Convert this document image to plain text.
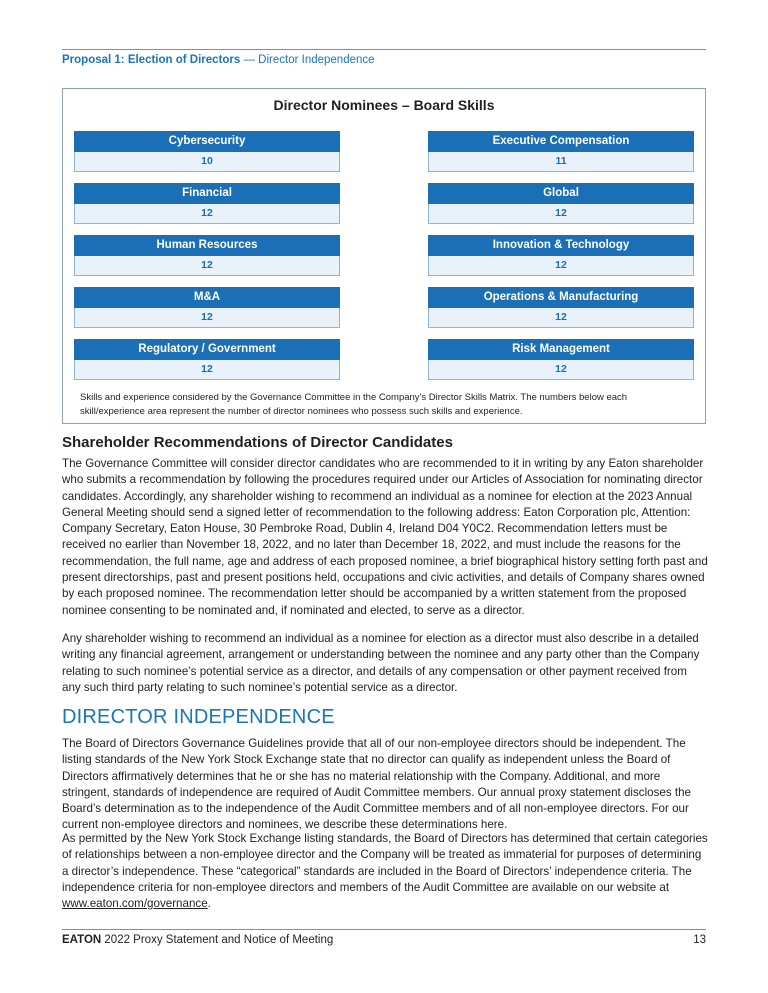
Proposal 1: Election of Directors — Director Independence
Director Nominees – Board Skills
Cybersecurity
10
Executive Compensation
11
Financial
12
Global
12
Human Resources
12
Innovation & Technology
12
M&A
12
Operations & Manufacturing
12
Regulatory / Government
12
Risk Management
12
Skills and experience considered by the Governance Committee in the Company's Director Skills Matrix. The numbers below each skill/experience area represent the number of director nominees who possess such skills and experience.
Shareholder Recommendations of Director Candidates

The Governance Committee will consider director candidates who are recommended to it in writing by any Eaton shareholder who submits a recommendation by following the procedures required under our Articles of Association for nominating director candidates. Accordingly, any shareholder wishing to recommend an individual as a nominee for election at the 2023 Annual General Meeting should send a signed letter of recommendation to the following address: Eaton Corporation plc, Attention: Company Secretary, Eaton House, 30 Pembroke Road, Dublin 4, Ireland D04 Y0C2. Recommendation letters must be received no earlier than November 18, 2022, and no later than December 18, 2022, and must include the reasons for the recommendation, the full name, age and address of each proposed nominee, a brief biographical history setting forth past and present directorships, past and present positions held, occupations and civic activities, and details of Company shares owned by each proposed nominee. The recommendation letter should be accompanied by a written statement from the proposed nominee consenting to be nominated and, if nominated and elected, to serve as a director.

Any shareholder wishing to recommend an individual as a nominee for election as a director must also describe in a detailed writing any financial agreement, arrangement or understanding between the nominee and any party other than the Company relating to such nominee’s potential service as a director, and details of any compensation or other payment received from any such third party relating to such nominee’s potential service as a director.

DIRECTOR INDEPENDENCE

The Board of Directors Governance Guidelines provide that all of our non-employee directors should be independent. The listing standards of the New York Stock Exchange state that no director can qualify as independent unless the Board of Directors affirmatively determines that he or she has no material relationship with the Company. Additional, and more stringent, standards of independence are required of Audit Committee members. Our annual proxy statement discloses the Board’s determination as to the independence of the Audit Committee members and of all non-employee directors. For our current non-employee directors and nominees, we describe these determinations here.

As permitted by the New York Stock Exchange listing standards, the Board of Directors has determined that certain categories of relationships between a non-employee director and the Company will be treated as immaterial for purposes of determining a director’s independence. These “categorical” standards are included in the Board of Directors’ independence criteria. The independence criteria for non-employee directors and members of the Audit Committee are available on our website at www.eaton.com/governance.

EATON 2022 Proxy Statement and Notice of Meeting	13
